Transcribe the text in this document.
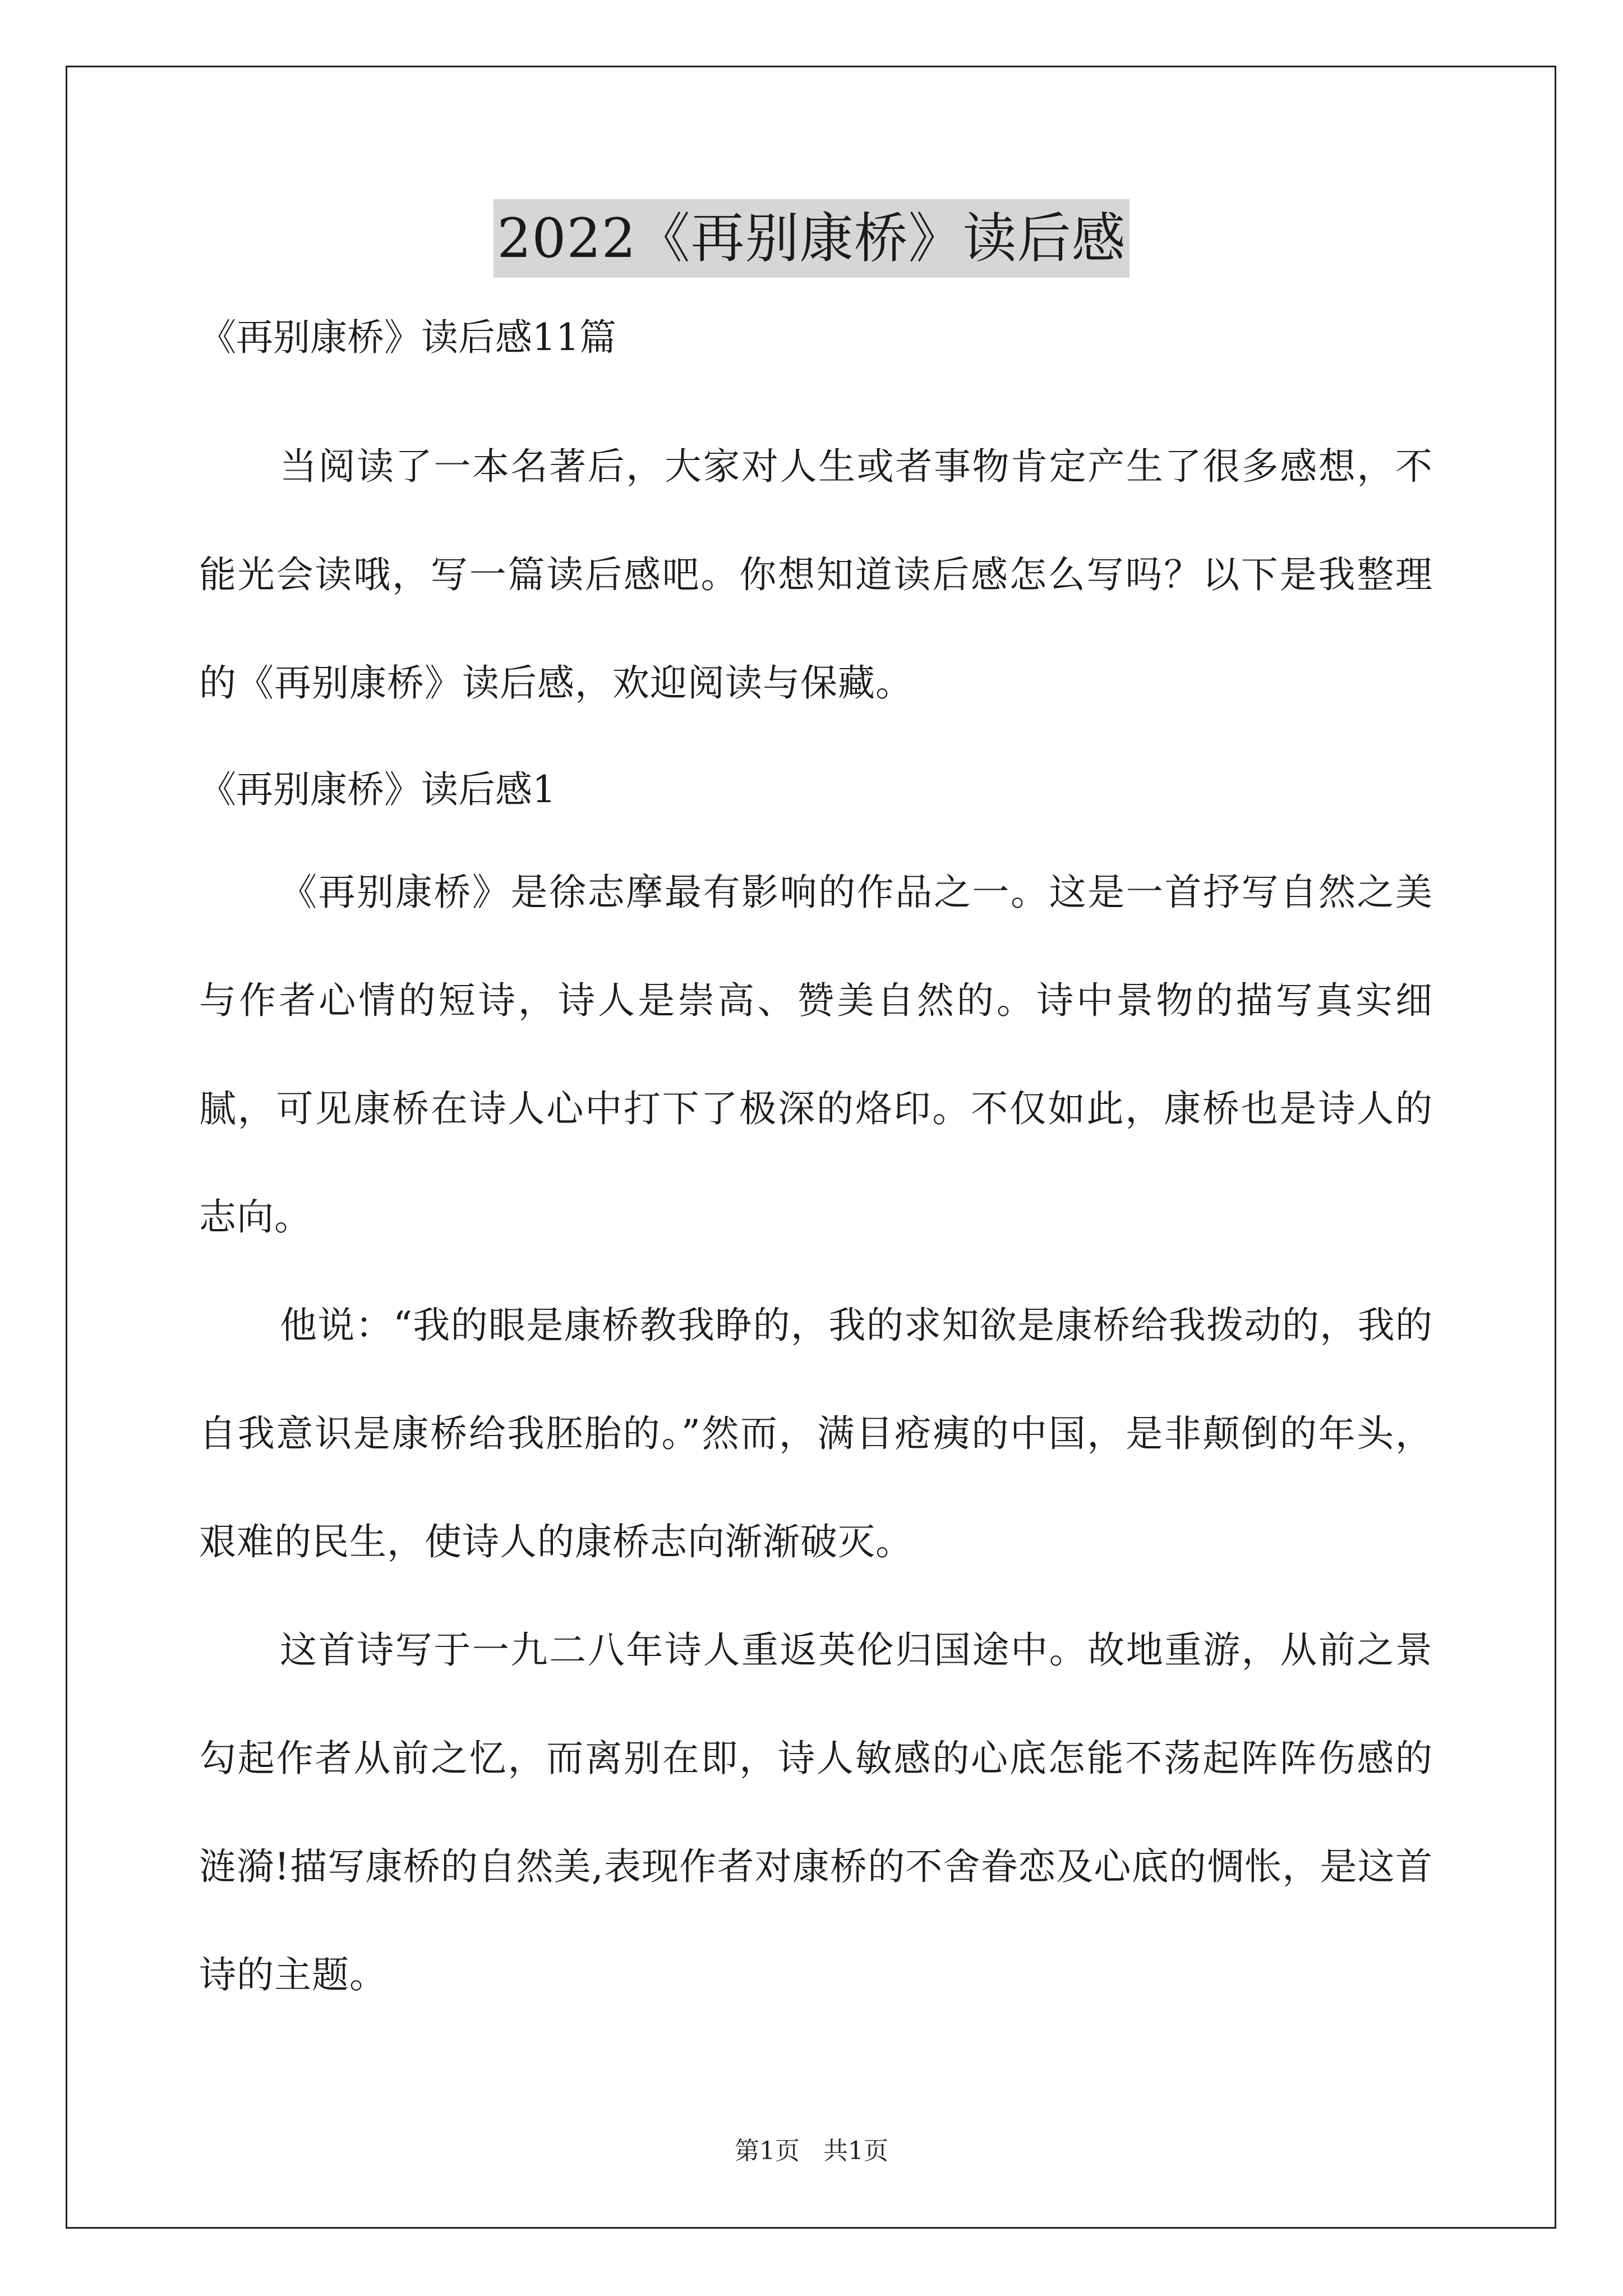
2022《再别康桥》读后感

《再别康桥》读后感11篇

当阅读了一本名著后，大家对人生或者事物肯定产生了很多感想，不能光会读哦，写一篇读后感吧。你想知道读后感怎么写吗？以下是我整理的《再别康桥》读后感，欢迎阅读与保藏。

《再别康桥》读后感1

《再别康桥》是徐志摩最有影响的作品之一。这是一首抒写自然之美与作者心情的短诗，诗人是崇高、赞美自然的。诗中景物的描写真实细腻，可见康桥在诗人心中打下了极深的烙印。不仅如此，康桥也是诗人的志向。

他说：“我的眼是康桥教我睁的，我的求知欲是康桥给我拨动的，我的自我意识是康桥给我胚胎的。”然而，满目疮痍的中国，是非颠倒的年头，艰难的民生，使诗人的康桥志向渐渐破灭。

这首诗写于一九二八年诗人重返英伦归国途中。故地重游，从前之景勾起作者从前之忆，而离别在即，诗人敏感的心底怎能不荡起阵阵伤感的涟漪!描写康桥的自然美,表现作者对康桥的不舍眷恋及心底的惆怅，是这首诗的主题。

第1页   共1页
